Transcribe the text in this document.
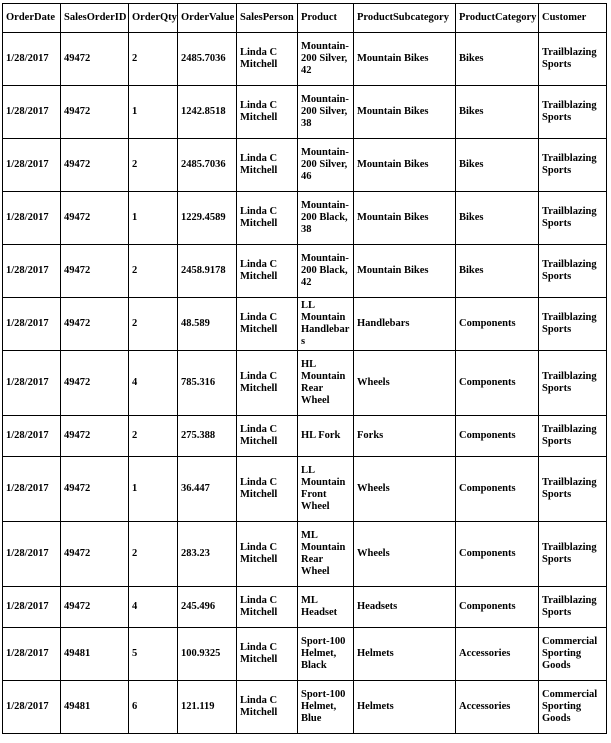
OrderDate	SalesOrderID	OrderQty	OrderValue	SalesPerson	Product	ProductSubcategory	ProductCategory	Customer
1/28/2017	49472	2	2485.7036	Linda C Mitchell	Mountain-200 Silver, 42	Mountain Bikes	Bikes	Trailblazing Sports
1/28/2017	49472	1	1242.8518	Linda C Mitchell	Mountain-200 Silver, 38	Mountain Bikes	Bikes	Trailblazing Sports
1/28/2017	49472	2	2485.7036	Linda C Mitchell	Mountain-200 Silver, 46	Mountain Bikes	Bikes	Trailblazing Sports
1/28/2017	49472	1	1229.4589	Linda C Mitchell	Mountain-200 Black, 38	Mountain Bikes	Bikes	Trailblazing Sports
1/28/2017	49472	2	2458.9178	Linda C Mitchell	Mountain-200 Black, 42	Mountain Bikes	Bikes	Trailblazing Sports
1/28/2017	49472	2	48.589	Linda C Mitchell	LL Mountain Handlebars	Handlebars	Components	Trailblazing Sports
1/28/2017	49472	4	785.316	Linda C Mitchell	HL Mountain Rear Wheel	Wheels	Components	Trailblazing Sports
1/28/2017	49472	2	275.388	Linda C Mitchell	HL Fork	Forks	Components	Trailblazing Sports
1/28/2017	49472	1	36.447	Linda C Mitchell	LL Mountain Front Wheel	Wheels	Components	Trailblazing Sports
1/28/2017	49472	2	283.23	Linda C Mitchell	ML Mountain Rear Wheel	Wheels	Components	Trailblazing Sports
1/28/2017	49472	4	245.496	Linda C Mitchell	ML Headset	Headsets	Components	Trailblazing Sports
1/28/2017	49481	5	100.9325	Linda C Mitchell	Sport-100 Helmet, Black	Helmets	Accessories	Commercial Sporting Goods
1/28/2017	49481	6	121.119	Linda C Mitchell	Sport-100 Helmet, Blue	Helmets	Accessories	Commercial Sporting Goods
